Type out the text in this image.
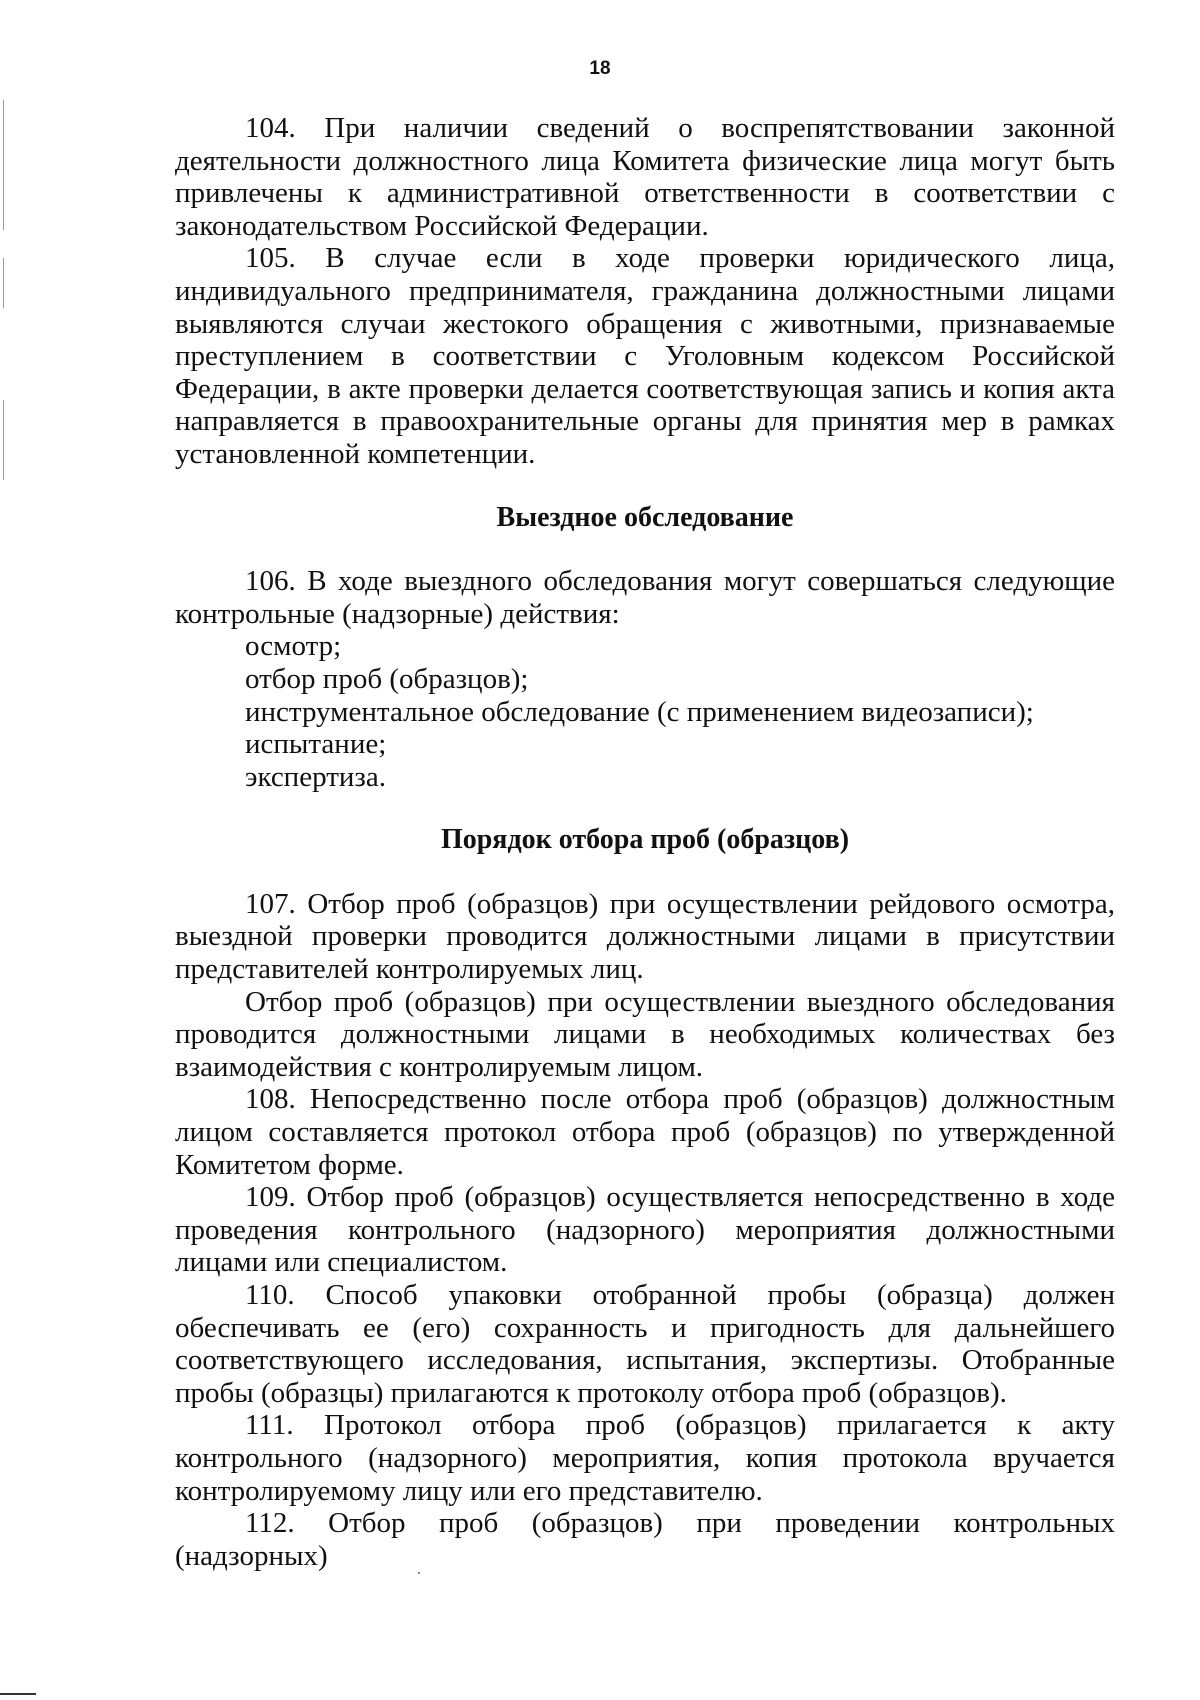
18

104. При наличии сведений о воспрепятствовании законной деятельности должностного лица Комитета физические лица могут быть привлечены к административной ответственности в соответствии с законодательством Российской Федерации.

105. В случае если в ходе проверки юридического лица, индивидуального предпринимателя, гражданина должностными лицами выявляются случаи жестокого обращения с животными, признаваемые преступлением в соответствии с Уголовным кодексом Российской Федерации, в акте проверки делается соответствующая запись и копия акта направляется в правоохранительные органы для принятия мер в рамках установленной компетенции.

Выездное обследование

106. В ходе выездного обследования могут совершаться следующие контрольные (надзорные) действия:

осмотр;

отбор проб (образцов);

инструментальное обследование (с применением видеозаписи);

испытание;

экспертиза.

Порядок отбора проб (образцов)

107. Отбор проб (образцов) при осуществлении рейдового осмотра, выездной проверки проводится должностными лицами в присутствии представителей контролируемых лиц.

Отбор проб (образцов) при осуществлении выездного обследования проводится должностными лицами в необходимых количествах без взаимодействия с контролируемым лицом.

108. Непосредственно после отбора проб (образцов) должностным лицом составляется протокол отбора проб (образцов) по утвержденной Комитетом форме.

109. Отбор проб (образцов) осуществляется непосредственно в ходе проведения контрольного (надзорного) мероприятия должностными лицами или специалистом.

110. Способ упаковки отобранной пробы (образца) должен обеспечивать ее (его) сохранность и пригодность для дальнейшего соответствующего исследования, испытания, экспертизы. Отобранные пробы (образцы) прилагаются к протоколу отбора проб (образцов).

111. Протокол отбора проб (образцов) прилагается к акту контрольного (надзорного) мероприятия, копия протокола вручается контролируемому лицу или его представителю.

112. Отбор проб (образцов) при проведении контрольных (надзорных)
